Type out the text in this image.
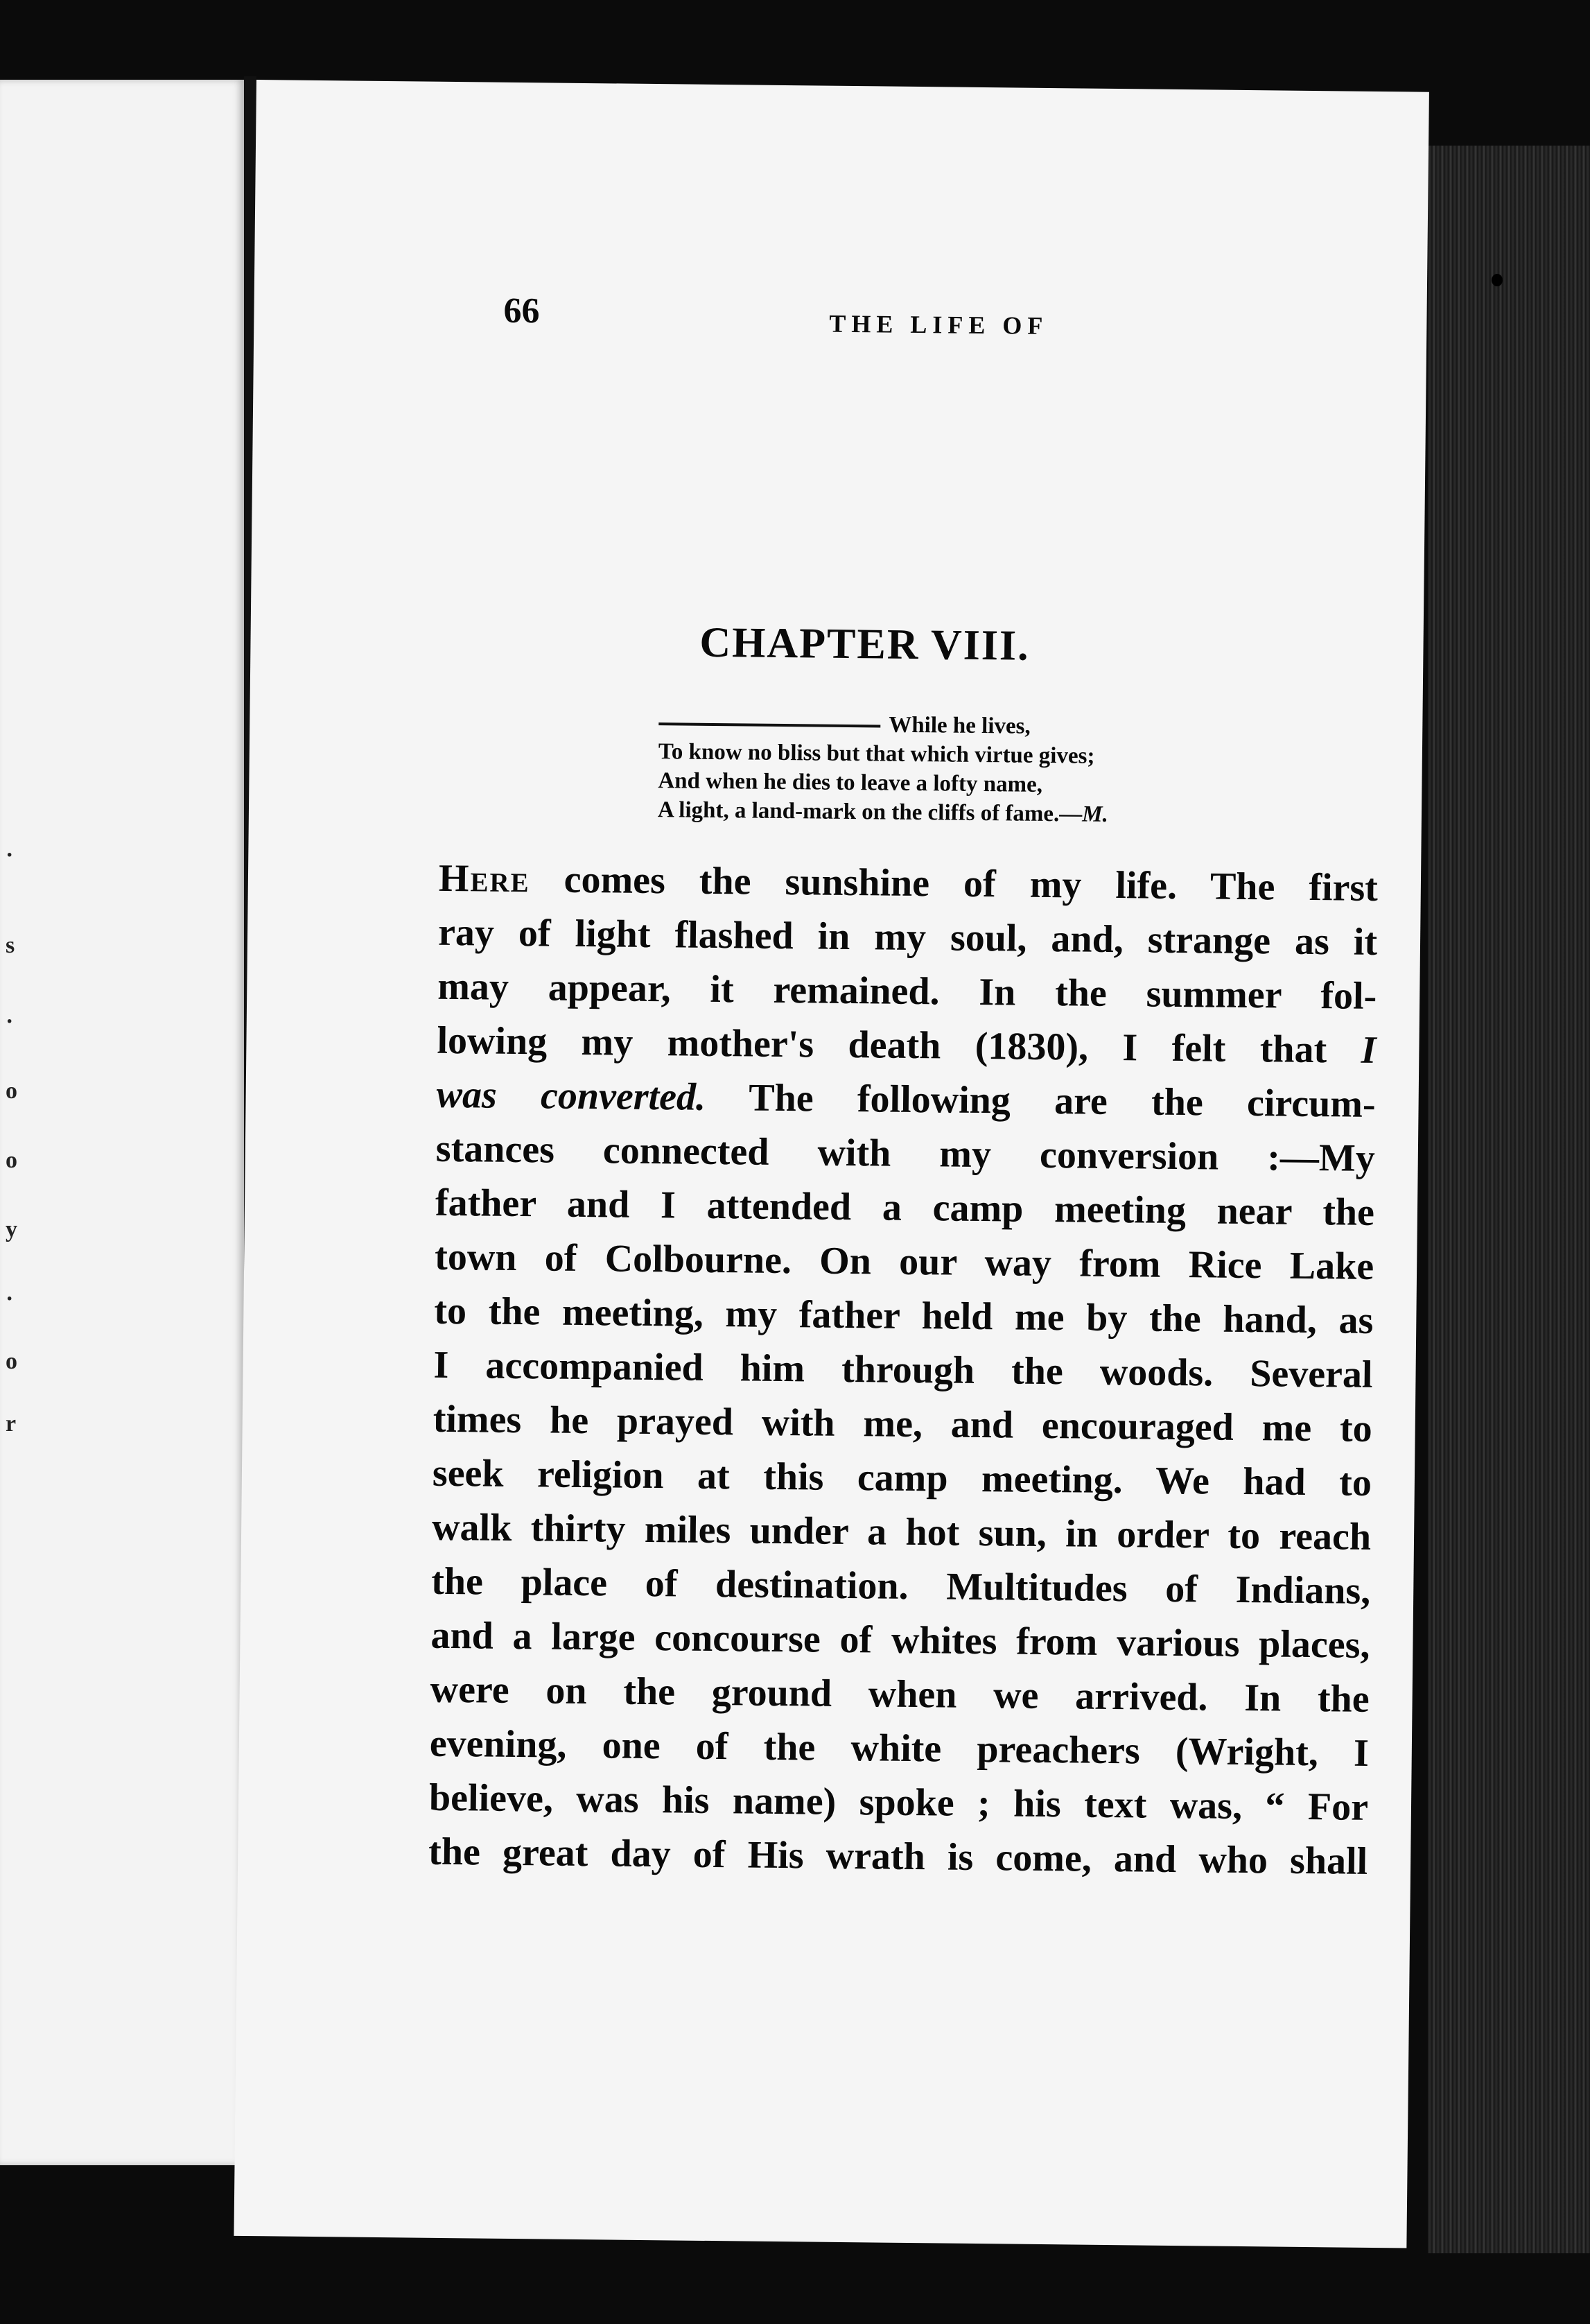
·
s
·
o
o
y
·
o
r
66	THE LIFE OF
CHAPTER VIII.
While he lives,
To know no bliss but that which virtue gives;
And when he dies to leave a lofty name,
A light, a land-mark on the cliffs of fame.—M.
Here comes the sunshine of my life. The first
ray of light flashed in my soul, and, strange as it
may appear, it remained. In the summer fol-
lowing my mother's death (1830), I felt that I
was converted. The following are the circum-
stances connected with my conversion :—My
father and I attended a camp meeting near the
town of Colbourne. On our way from Rice Lake
to the meeting, my father held me by the hand, as
I accompanied him through the woods. Several
times he prayed with me, and encouraged me to
seek religion at this camp meeting. We had to
walk thirty miles under a hot sun, in order to reach
the place of destination. Multitudes of Indians,
and a large concourse of whites from various places,
were on the ground when we arrived. In the
evening, one of the white preachers (Wright, I
believe, was his name) spoke ; his text was, “ For
the great day of His wrath is come, and who shall
